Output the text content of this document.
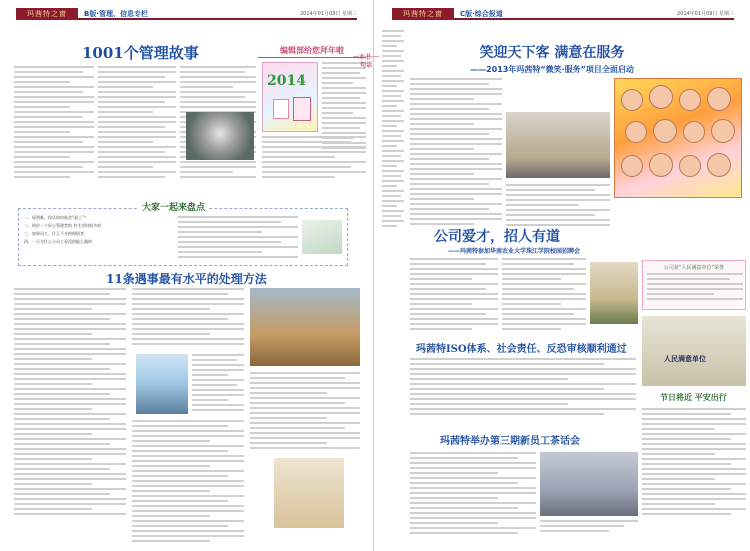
玛茜特之窗	B版·管理、信息专栏	2014年01月09日 星期三
1001个管理故事	编辑部给您拜年啦
2014
大家一起来盘点
一、权利难，你认的何谁会“最上”？
二、结价一个好心管理者的 有生话时间多的
三、如果员工，什么不支持相情者
四、一旦为什么小员工看没的能么做的
11条遇事最有水平的处理方法
玛茜特之窗	C版·综合报道	2014年01月09日 星期三
一本书·一句话
笑迎天下客 满意在服务
——2013年玛茜特“微笑·服务”项目全面启动
公司爱才，招人有道
——玛茜特参加华南农业大学珠江学院校园招聘会
玛茜特ISO体系、社会责任、反恐审核顺利通过
玛茜特举办第三期新员工茶话会
公司获“人民满意单位”荣誉
人民满意单位
节日将近 平安出行
